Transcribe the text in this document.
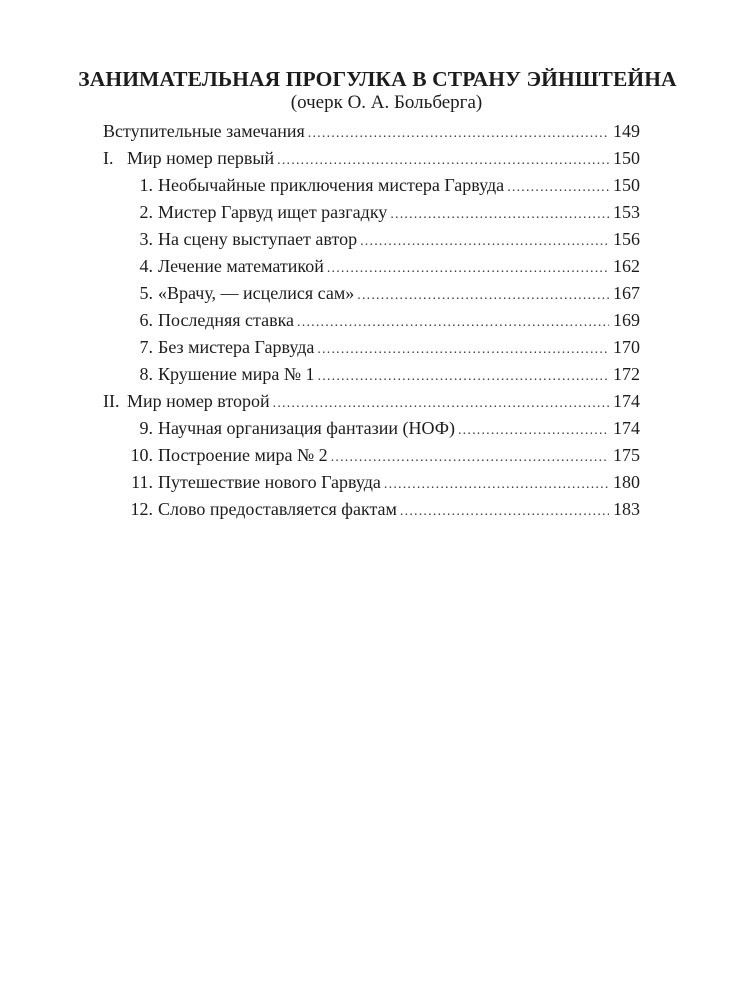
ЗАНИМАТЕЛЬНАЯ ПРОГУЛКА В СТРАНУ ЭЙНШТЕЙНА
(очерк О. А. Больберга)
Вступительные замечания .....	149
I. Мир номер первый .....	150
1. Необычайные приключения мистера Гарвуда .....	150
2. Мистер Гарвуд ищет разгадку .....	153
3. На сцену выступает автор .....	156
4. Лечение математикой .....	162
5. «Врачу, — исцелися сам» .....	167
6. Последняя ставка .....	169
7. Без мистера Гарвуда .....	170
8. Крушение мира № 1 .....	172
II. Мир номер второй .....	174
9. Научная организация фантазии (НОФ) .....	174
10. Построение мира № 2 .....	175
11. Путешествие нового Гарвуда .....	180
12. Слово предоставляется фактам .....	183
